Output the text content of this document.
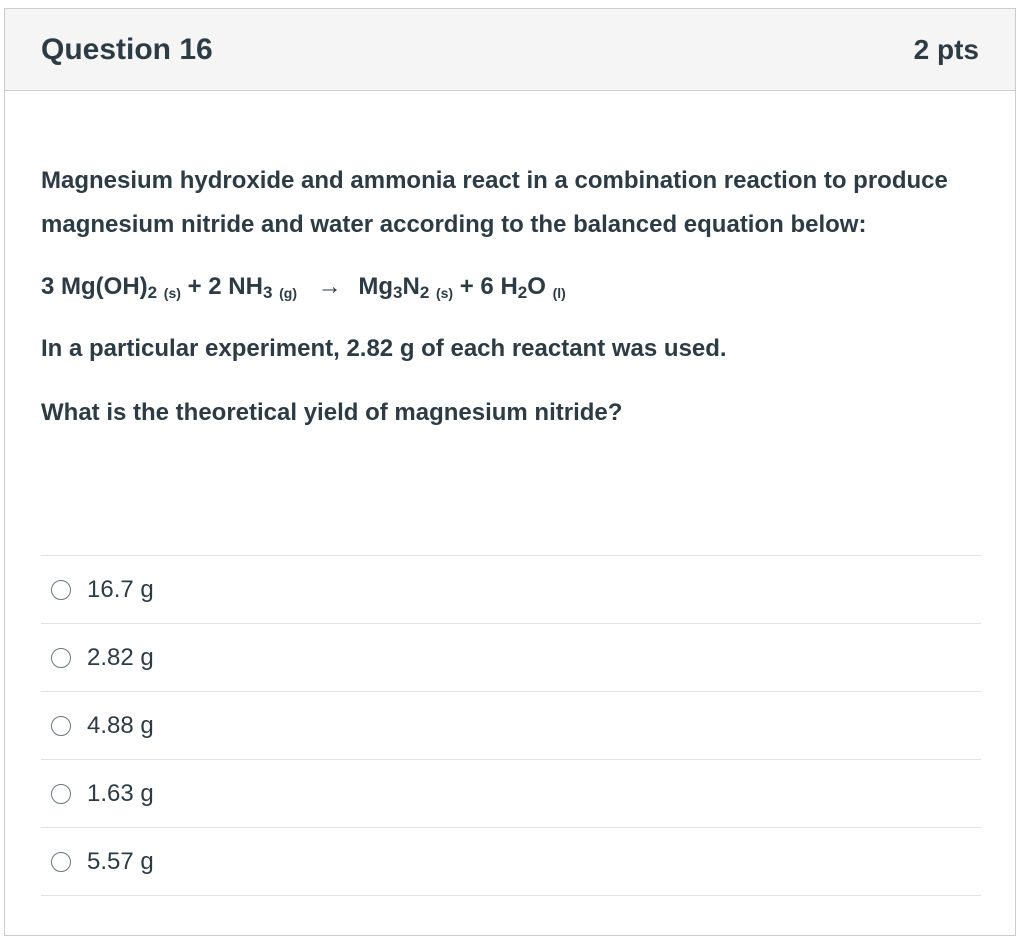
Question 16	2 pts

Magnesium hydroxide and ammonia react in a combination reaction to produce magnesium nitride and water according to the balanced equation below:

3 $Mg(OH)_2$ $_{(s)}$ + 2 $NH_3$ $_{(g)} \to Mg_3N_2$ $_{(s)}$ + 6 $H_2O$ $_{(l)}$

In a particular experiment, 2.82 g of each reactant was used.

What is the theoretical yield of magnesium nitride?

16.7 g
2.82 g
4.88 g
1.63 g
5.57 g
